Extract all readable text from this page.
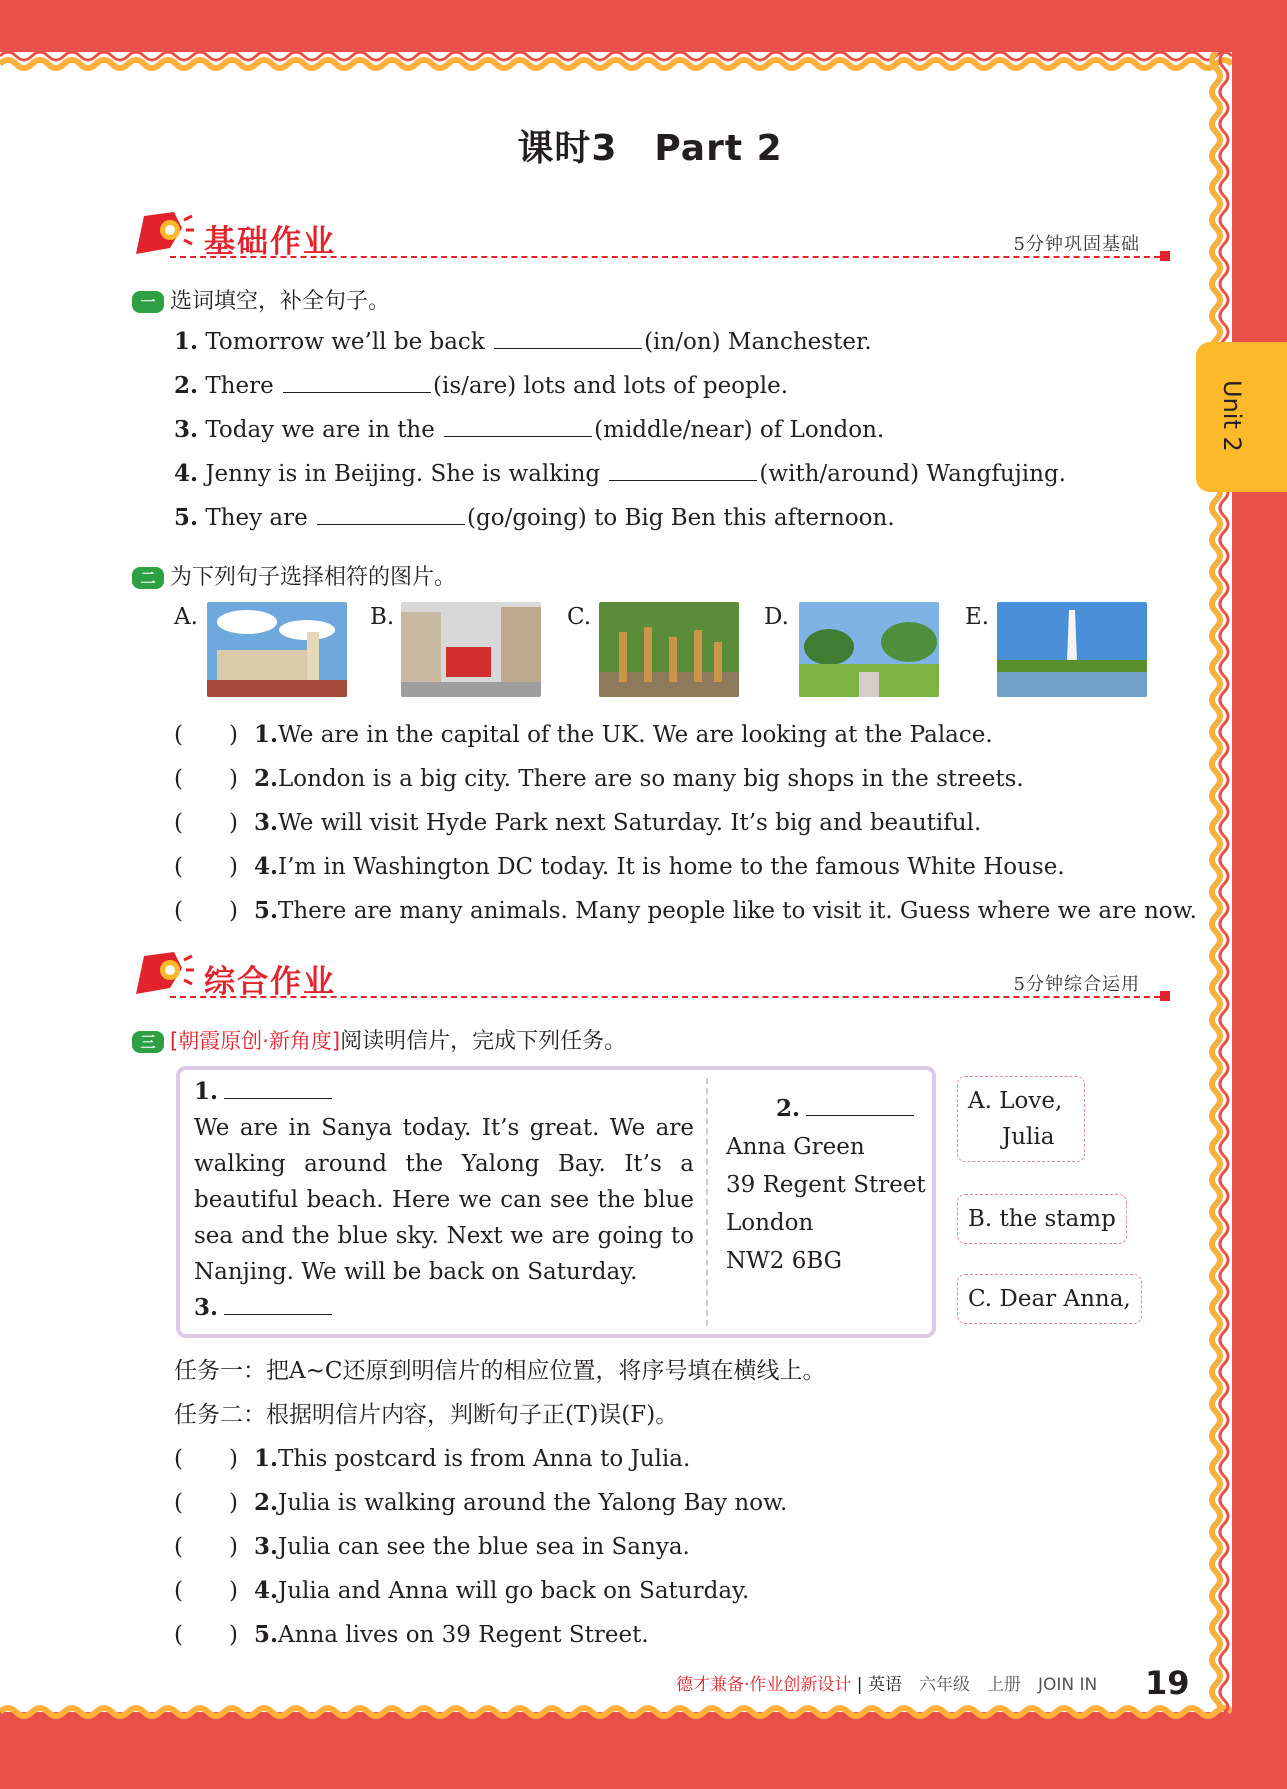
Unit 2
课时3　Part 2
基础作业	5分钟巩固基础
一 选词填空，补全句子。
1. Tomorrow we’ll be back	(in/on) Manchester.
2. There	(is/are) lots and lots of people.
3. Today we are in the	(middle/near) of London.
4. Jenny is in Beijing. She is walking	(with/around) Wangfujing.
5. They are	(go/going) to Big Ben this afternoon.
二 为下列句子选择相符的图片。
A.	B.	C.	D.	E.
(　　) 1.We are in the capital of the UK. We are looking at the Palace.
(　　) 2.London is a big city. There are so many big shops in the streets.
(　　) 3.We will visit Hyde Park next Saturday. It’s big and beautiful.
(　　) 4.I’m in Washington DC today. It is home to the famous White House.
(　　) 5.There are many animals. Many people like to visit it. Guess where we are now.
综合作业	5分钟综合运用
三 [朝霞原创·新角度]阅读明信片，完成下列任务。
1.
We are in Sanya today. It’s great. We are walking around the Yalong Bay. It’s a beautiful beach. Here we can see the blue sea and the blue sky. Next we are going to Nanjing. We will be back on Saturday.
3.
2.
Anna Green
39 Regent Street
London
NW2 6BG
A. Love,
Julia
B. the stamp
C. Dear Anna,
任务一：把A~C还原到明信片的相应位置，将序号填在横线上。
任务二：根据明信片内容，判断句子正(T)误(F)。
(　　) 1.This postcard is from Anna to Julia.
(　　) 2.Julia is walking around the Yalong Bay now.
(　　) 3.Julia can see the blue sea in Sanya.
(　　) 4.Julia and Anna will go back on Saturday.
(　　) 5.Anna lives on 39 Regent Street.
德才兼备·作业创新设计 | 英语　 六年级　上册　JOIN IN 19
